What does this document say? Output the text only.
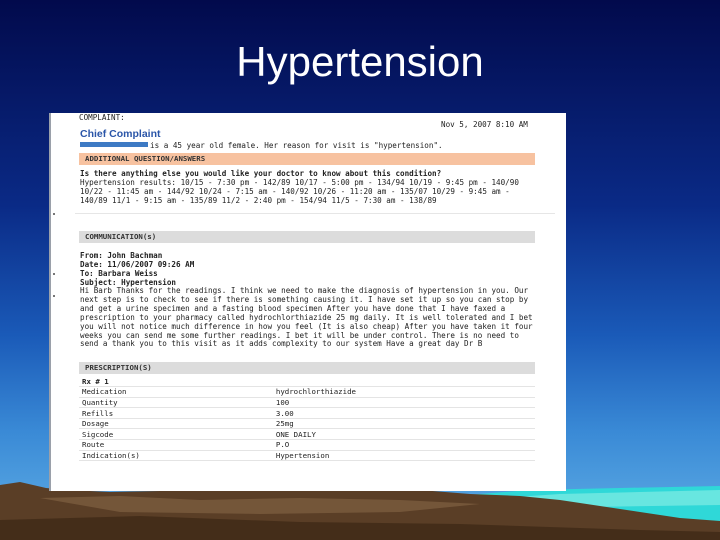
Hypertension
COMPLAINT:
Nov 5, 2007 8:10 AM
Chief Complaint
is a 45 year old female. Her reason for visit is "hypertension".
ADDITIONAL QUESTION/ANSWERS
Is there anything else you would like your doctor to know about this condition?
Hypertension results: 10/15 - 7:30 pm - 142/89 10/17 - 5:00 pm - 134/94 10/19 - 9:45 pm - 140/90 10/22 - 11:45 am - 144/92 10/24 - 7:15 am - 140/92 10/26 - 11:20 am - 135/07 10/29 - 9:45 am - 140/89 11/1 - 9:15 am - 135/89 11/2 - 2:40 pm - 154/94 11/5 - 7:30 am - 138/89
COMMUNICATION(s)
From: John Bachman
Date: 11/06/2007 09:26 AM
To: Barbara Weiss
Subject: Hypertension
Hi Barb Thanks for the readings. I think we need to make the diagnosis of hypertension in you. Our next step is to check to see if there is something causing it. I have set it up so you can stop by and get a urine specimen and a fasting blood specimen After you have done that I have faxed a prescription to your pharmacy called hydrochlorthiazide 25 mg daily. It is well tolerated and I bet you will not notice much difference in how you feel (It is also cheap) After you have taken it four weeks you can send me some further readings. I bet it will be under control. There is no need to send a thank you to this visit as it adds complexity to our system Have a great day Dr B
PRESCRIPTION(S)
Rx # 1	
Medication	hydrochlorthiazide
Quantity	100
Refills	3.00
Dosage	25mg
Sigcode	ONE DAILY
Route	P.O
Indication(s)	Hypertension
